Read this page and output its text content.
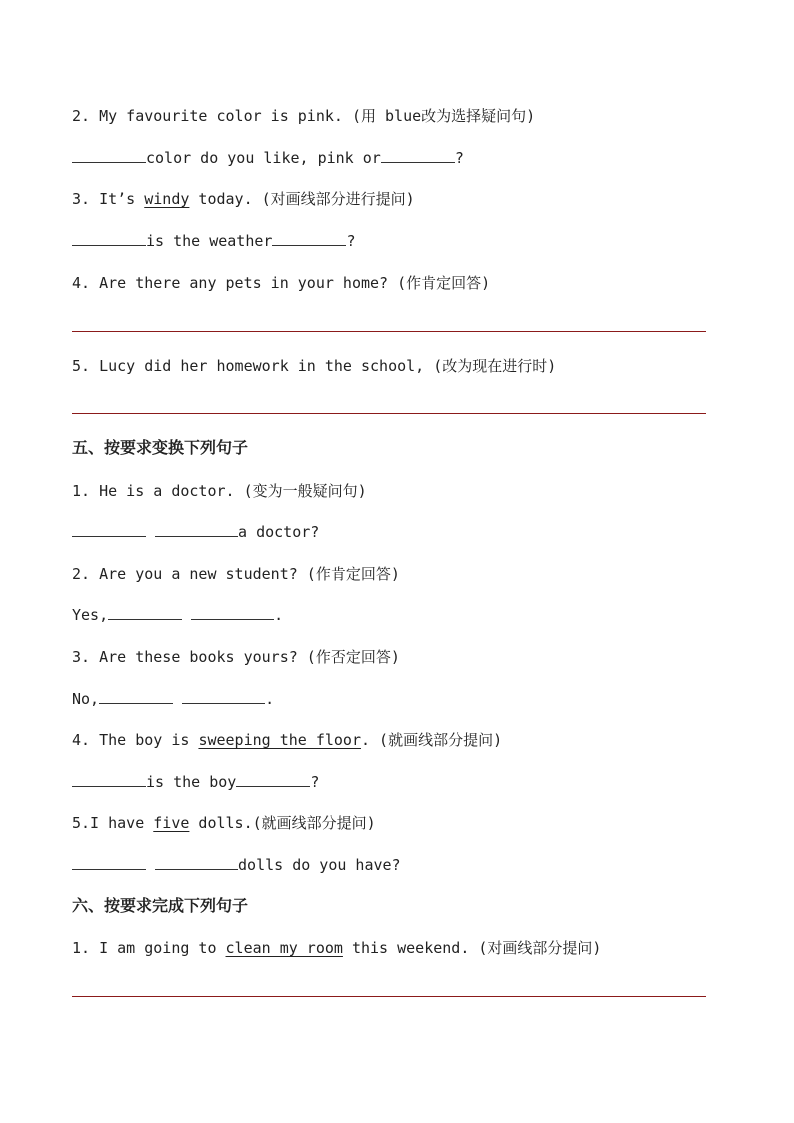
2. My favourite color is pink. (用 blue改为选择疑问句)
color do you like, pink or	?
3. It’s windy today. (对画线部分进行提问)
is the weather	?
4. Are there any pets in your home? (作肯定回答)
5. Lucy did her homework in the school, (改为现在进行时)
五、按要求变换下列句子
1. He is a doctor. (变为一般疑问句)
a doctor?
2. Are you a new student? (作肯定回答)
Yes,	.
3. Are these books yours? (作否定回答)
No,	.
4. The boy is sweeping the floor. (就画线部分提问)
is the boy	?
5.I have five dolls.(就画线部分提问)
dolls do you have?
六、按要求完成下列句子
1. I am going to clean my room this weekend. (对画线部分提问)
